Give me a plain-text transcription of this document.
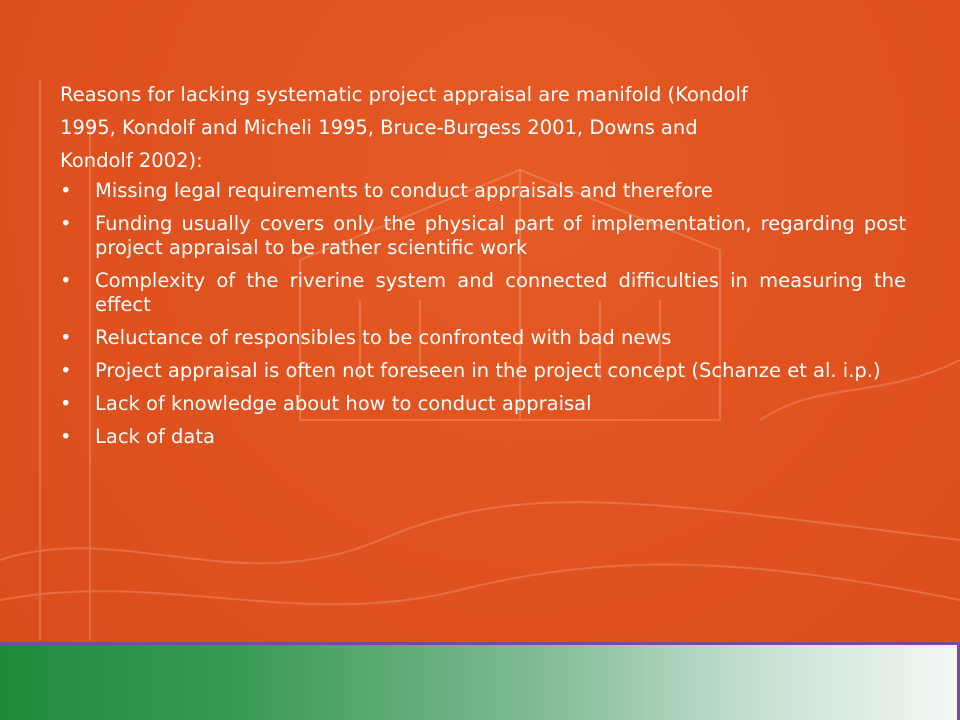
Reasons for lacking systematic project appraisal are manifold (Kondolf
1995, Kondolf and Micheli 1995, Bruce-Burgess 2001, Downs and
Kondolf 2002):
• Missing legal requirements to conduct appraisals and therefore
• Funding usually covers only the physical part of implementation, regarding post project appraisal to be rather scientific work
• Complexity of the riverine system and connected difficulties in measuring the effect
• Reluctance of responsibles to be confronted with bad news
• Project appraisal is often not foreseen in the project concept (Schanze et al. i.p.)
• Lack of knowledge about how to conduct appraisal
• Lack of data
